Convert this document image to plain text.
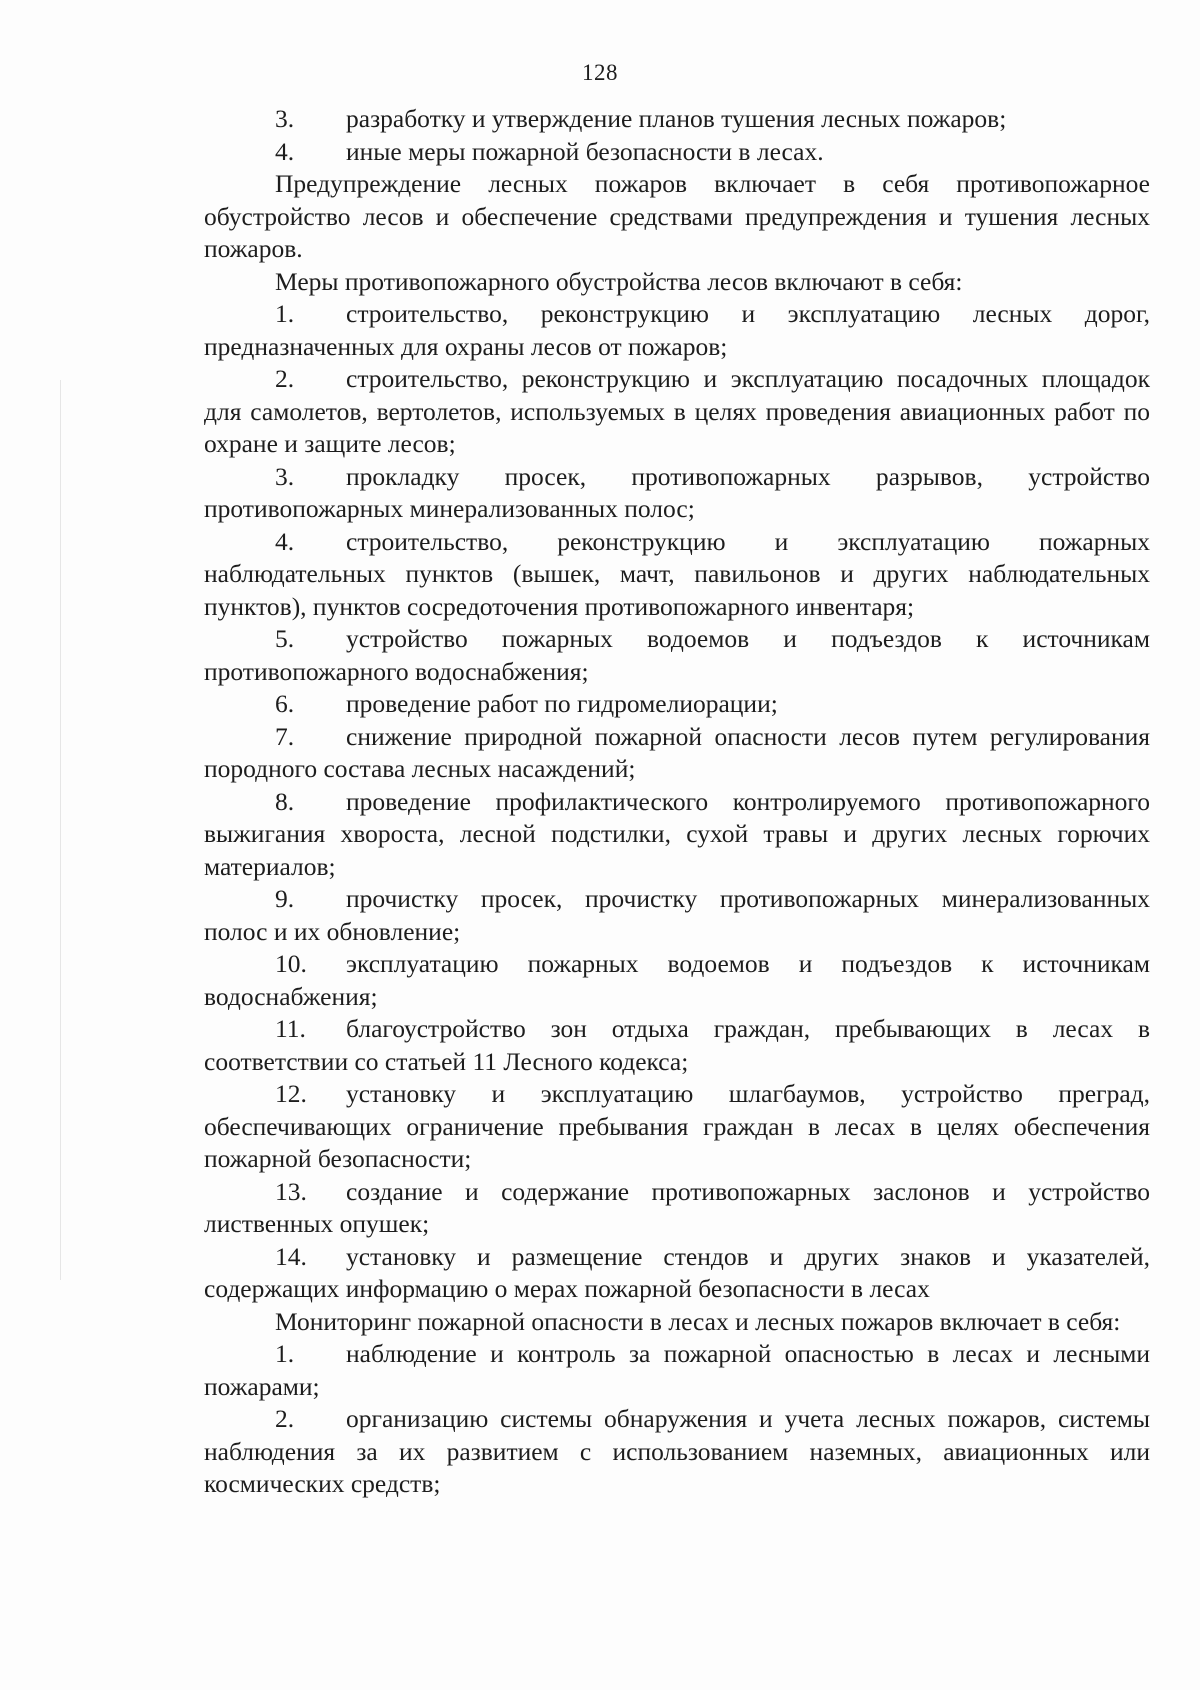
128

3. разработку и утверждение планов тушения лесных пожаров;

4. иные меры пожарной безопасности в лесах.

Предупреждение лесных пожаров включает в себя противопожарное обустройство лесов и обеспечение средствами предупреждения и тушения лесных пожаров.

Меры противопожарного обустройства лесов включают в себя:

1. строительство, реконструкцию и эксплуатацию лесных дорог, предназначенных для охраны лесов от пожаров;

2. строительство, реконструкцию и эксплуатацию посадочных площадок для самолетов, вертолетов, используемых в целях проведения авиационных работ по охране и защите лесов;

3. прокладку просек, противопожарных разрывов, устройство противопожарных минерализованных полос;

4. строительство, реконструкцию и эксплуатацию пожарных наблюдательных пунктов (вышек, мачт, павильонов и других наблюдательных пунктов), пунктов сосредоточения противопожарного инвентаря;

5. устройство пожарных водоемов и подъездов к источникам противопожарного водоснабжения;

6. проведение работ по гидромелиорации;

7. снижение природной пожарной опасности лесов путем регулирования породного состава лесных насаждений;

8. проведение профилактического контролируемого противопожарного выжигания хвороста, лесной подстилки, сухой травы и других лесных горючих материалов;

9. прочистку просек, прочистку противопожарных минерализованных полос и их обновление;

10. эксплуатацию пожарных водоемов и подъездов к источникам водоснабжения;

11. благоустройство зон отдыха граждан, пребывающих в лесах в соответствии со статьей 11 Лесного кодекса;

12. установку и эксплуатацию шлагбаумов, устройство преград, обеспечивающих ограничение пребывания граждан в лесах в целях обеспечения пожарной безопасности;

13. создание и содержание противопожарных заслонов и устройство лиственных опушек;

14. установку и размещение стендов и других знаков и указателей, содержащих информацию о мерах пожарной безопасности в лесах

Мониторинг пожарной опасности в лесах и лесных пожаров включает в себя:

1. наблюдение и контроль за пожарной опасностью в лесах и лесными пожарами;

2. организацию системы обнаружения и учета лесных пожаров, системы наблюдения за их развитием с использованием наземных, авиационных или космических средств;
